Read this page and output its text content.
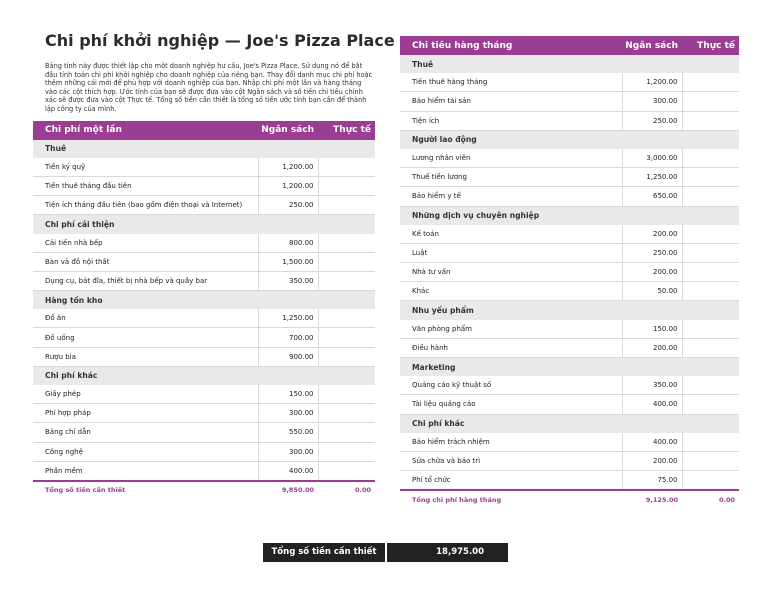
Chi phí khởi nghiệp — Joe's Pizza Place
Bảng tính này được thiết lập cho một doanh nghiệp hư cấu, Joe's Pizza Place. Sử dụng nó để bắt đầu tính toán chi phí khởi nghiệp cho doanh nghiệp của riêng bạn. Thay đổi danh mục chi phí hoặc thêm những cái mới để phù hợp với doanh nghiệp của bạn. Nhập chi phí một lần và hàng tháng vào các cột thích hợp. Ước tính của bạn sẽ được đưa vào cột Ngân sách và số tiền chi tiêu chính xác sẽ được đưa vào cột Thực tế. Tổng số tiền cần thiết là tổng số tiền ước tính bạn cần để thành lập công ty của mình.
Chi phí một lần	Ngân sách	Thực tế
Thuê		
Tiền ký quỹ	1,200.00	
Tiền thuê tháng đầu tiên	1,200.00	
Tiện ích tháng đầu tiên (bao gồm điện thoại và Internet)	250.00	
Chi phí cải thiện		
Cải tiến nhà bếp	800.00	
Bàn và đồ nội thất	1,500.00	
Dụng cụ, bát đĩa, thiết bị nhà bếp và quầy bar	350.00	
Hàng tồn kho		
Đồ ăn	1,250.00	
Đồ uống	700.00	
Rượu bia	900.00	
Chi phí khác		
Giấy phép	150.00	
Phí hợp pháp	300.00	
Bảng chỉ dẫn	550.00	
Công nghệ	300.00	
Phần mềm	400.00	
Tổng số tiền cần thiết	9,850.00	0.00
Chi tiêu hàng tháng	Ngân sách	Thực tế
Thuê		
Tiền thuê hàng tháng	1,200.00	
Bảo hiểm tài sản	300.00	
Tiện ích	250.00	
Người lao động		
Lương nhân viên	3,000.00	
Thuế tiền lương	1,250.00	
Bảo hiểm y tế	650.00	
Những dịch vụ chuyên nghiệp		
Kế toán	200.00	
Luật	250.00	
Nhà tư vấn	200.00	
Khác	50.00	
Nhu yếu phẩm		
Văn phòng phẩm	150.00	
Điều hành	200.00	
Marketing		
Quảng cáo kỹ thuật số	350.00	
Tài liệu quảng cáo	400.00	
Chi phí khác		
Bảo hiểm trách nhiệm	400.00	
Sửa chữa và bảo trì	200.00	
Phí tổ chức	75.00	
Tổng chi phí hàng tháng	9,125.00	0.00
Tổng số tiền cần thiết	18,975.00
